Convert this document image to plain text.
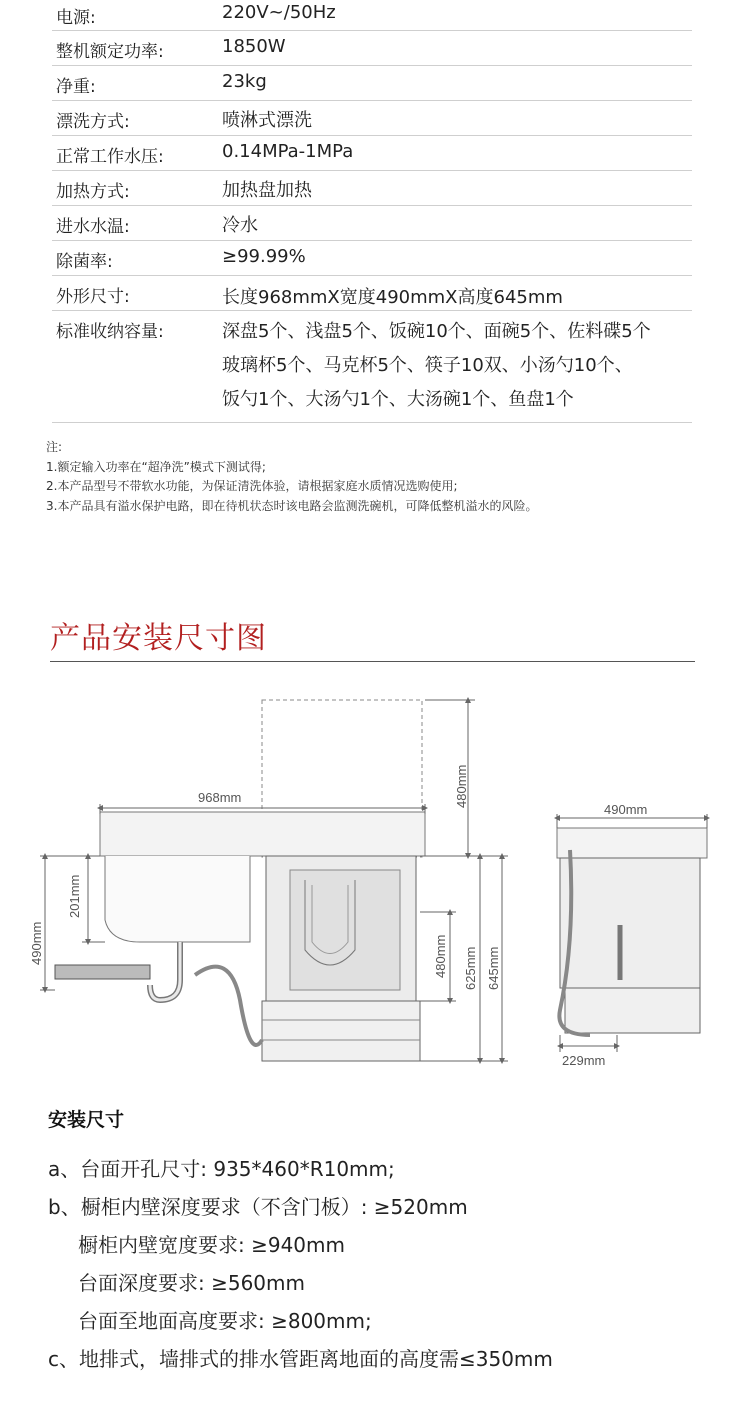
电源:	220V~/50Hz
整机额定功率:	1850W
净重:	23kg
漂洗方式:	喷淋式漂洗
正常工作水压:	0.14MPa-1MPa
加热方式:	加热盘加热
进水水温:	冷水
除菌率:	≥99.99%
外形尺寸:	长度968mmX宽度490mmX高度645mm
标准收纳容量:	深盘5个、浅盘5个、饭碗10个、面碗5个、佐料碟5个
玻璃杯5个、马克杯5个、筷子10双、小汤勺10个、
饭勺1个、大汤勺1个、大汤碗1个、鱼盘1个
注:
1.额定输入功率在“超净洗”模式下测试得;
2.本产品型号不带软水功能，为保证清洗体验，请根据家庭水质情况选购使用;
3.本产品具有溢水保护电路，即在待机状态时该电路会监测洗碗机，可降低整机溢水的风险。
产品安装尺寸图
968mm	480mm
201mm
490mm	480mm 625mm 645mm
490mm
229mm
安装尺寸
a、台面开孔尺寸: 935*460*R10mm;
b、橱柜内壁深度要求（不含门板）: ≥520mm
橱柜内壁宽度要求: ≥940mm
台面深度要求: ≥560mm
台面至地面高度要求: ≥800mm;
c、地排式，墙排式的排水管距离地面的高度需≤350mm
